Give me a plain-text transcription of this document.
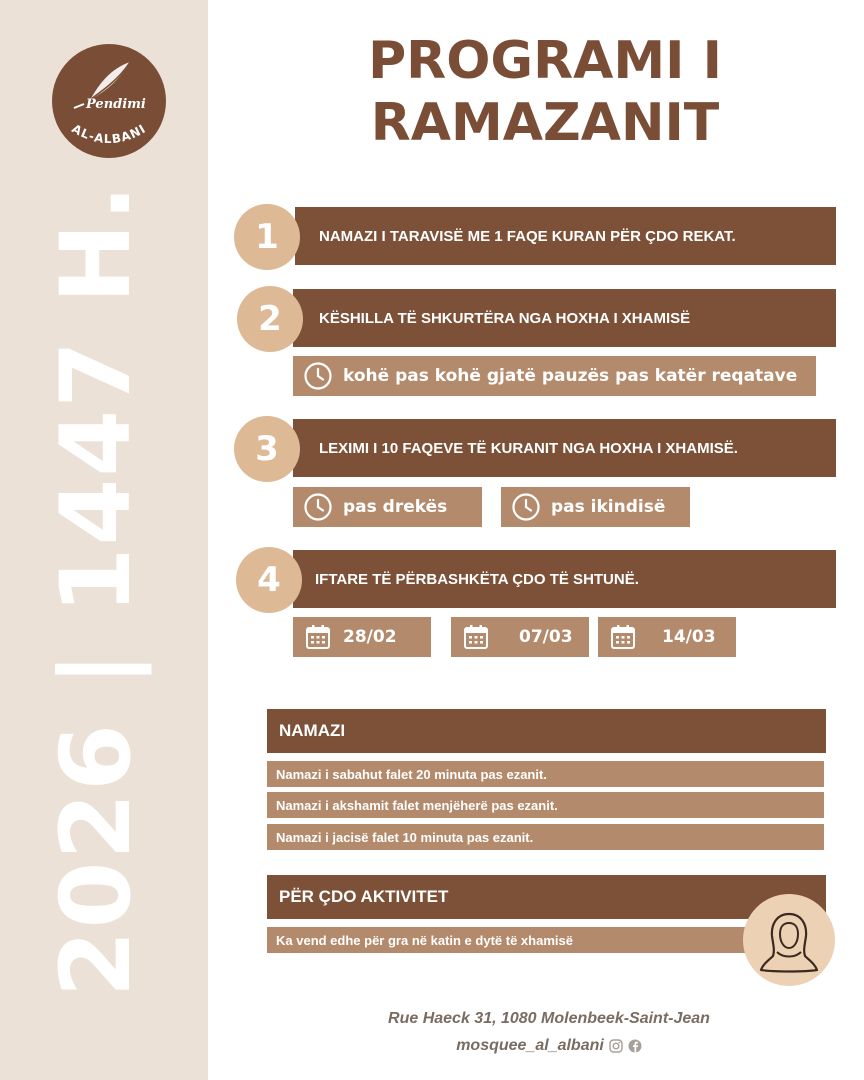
Pendimi
AL-ALBANI
2026 | 1447 H.
PROGRAMI I
RAMAZANIT
NAMAZI I TARAVISË ME 1 FAQE KURAN PËR ÇDO REKAT.
1
KËSHILLA TË SHKURTËRA NGA HOXHA I XHAMISË
2
kohë pas kohë gjatë pauzës pas katër reqatave
LEXIMI I 10 FAQEVE TË KURANIT NGA HOXHA I XHAMISË.
3
pas drekës	pas ikindisë
IFTARE TË PËRBASHKËTA ÇDO TË SHTUNË.
4
28/02	07/03	14/03
NAMAZI
Namazi i sabahut falet 20 minuta pas ezanit.
Namazi i akshamit falet menjëherë pas ezanit.
Namazi i jacisë falet 10 minuta pas ezanit.
PËR ÇDO AKTIVITET
Ka vend edhe për gra në katin e dytë të xhamisë
Rue Haeck 31, 1080 Molenbeek-Saint-Jean
mosquee_al_albani
